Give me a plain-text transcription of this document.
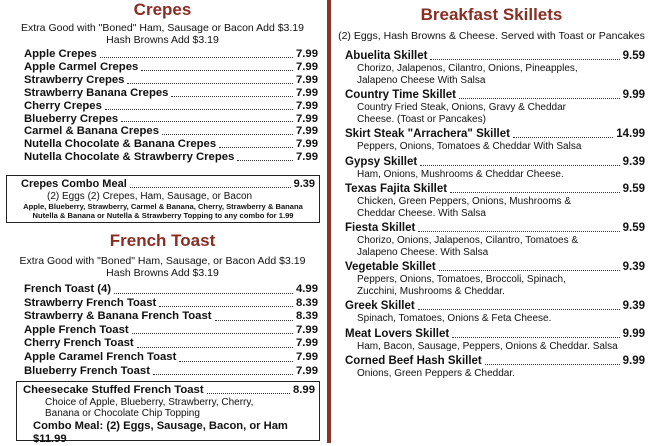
Crepes
Extra Good with "Boned" Ham, Sausage or Bacon Add $3.19
Hash Browns Add $3.19
Apple Crepes	7.99
Apple Carmel Crepes	7.99
Strawberry Crepes	7.99
Strawberry Banana Crepes	7.99
Cherry Crepes	7.99
Blueberry Crepes	7.99
Carmel & Banana Crepes	7.99
Nutella Chocolate & Banana Crepes	7.99
Nutella Chocolate & Strawberry Crepes	7.99
Crepes Combo Meal	9.39
(2) Eggs (2) Crepes, Ham, Sausage, or Bacon
Apple, Blueberry, Strawberry, Carmel & Banana, Cherry, Strawberry & Banana
Nutella & Banana or Nutella & Strawberry Topping to any combo for 1.99
French Toast
Extra Good with "Boned" Ham, Sausage, or Bacon Add $3.19
Hash Browns Add $3.19
French Toast (4)	4.99
Strawberry French Toast	8.39
Strawberry & Banana French Toast	8.39
Apple French Toast	7.99
Cherry French Toast	7.99
Apple Caramel French Toast	7.99
Blueberry French Toast	7.99
Cheesecake Stuffed French Toast	8.99
Choice of Apple, Blueberry, Strawberry, Cherry,
Banana or Chocolate Chip Topping
Combo Meal: (2) Eggs, Sausage, Bacon, or Ham $11.99
Breakfast Skillets
(2) Eggs, Hash Browns & Cheese. Served with Toast or Pancakes
Abuelita Skillet	9.59
Chorizo, Jalapenos, Cilantro, Onions, Pineapples,
Jalapeno Cheese With Salsa
Country Time Skillet	9.99
Country Fried Steak, Onions, Gravy & Cheddar
Cheese. (Toast or Pancakes)
Skirt Steak "Arrachera" Skillet	14.99
Peppers, Onions, Tomatoes & Cheddar With Salsa
Gypsy Skillet	9.39
Ham, Onions, Mushrooms & Cheddar Cheese.
Texas Fajita Skillet	9.59
Chicken, Green Peppers, Onions, Mushrooms &
Cheddar Cheese. With Salsa
Fiesta Skillet	9.59
Chorizo, Onions, Jalapenos, Cilantro, Tomatoes &
Jalapeno Cheese. With Salsa
Vegetable Skillet	9.39
Peppers, Onions, Tomatoes, Broccoli, Spinach,
Zucchini, Mushrooms & Cheddar.
Greek Skillet	9.39
Spinach, Tomatoes, Onions & Feta Cheese.
Meat Lovers Skillet	9.99
Ham, Bacon, Sausage, Peppers, Onions & Cheddar. Salsa
Corned Beef Hash Skillet	9.99
Onions, Green Peppers & Cheddar.
